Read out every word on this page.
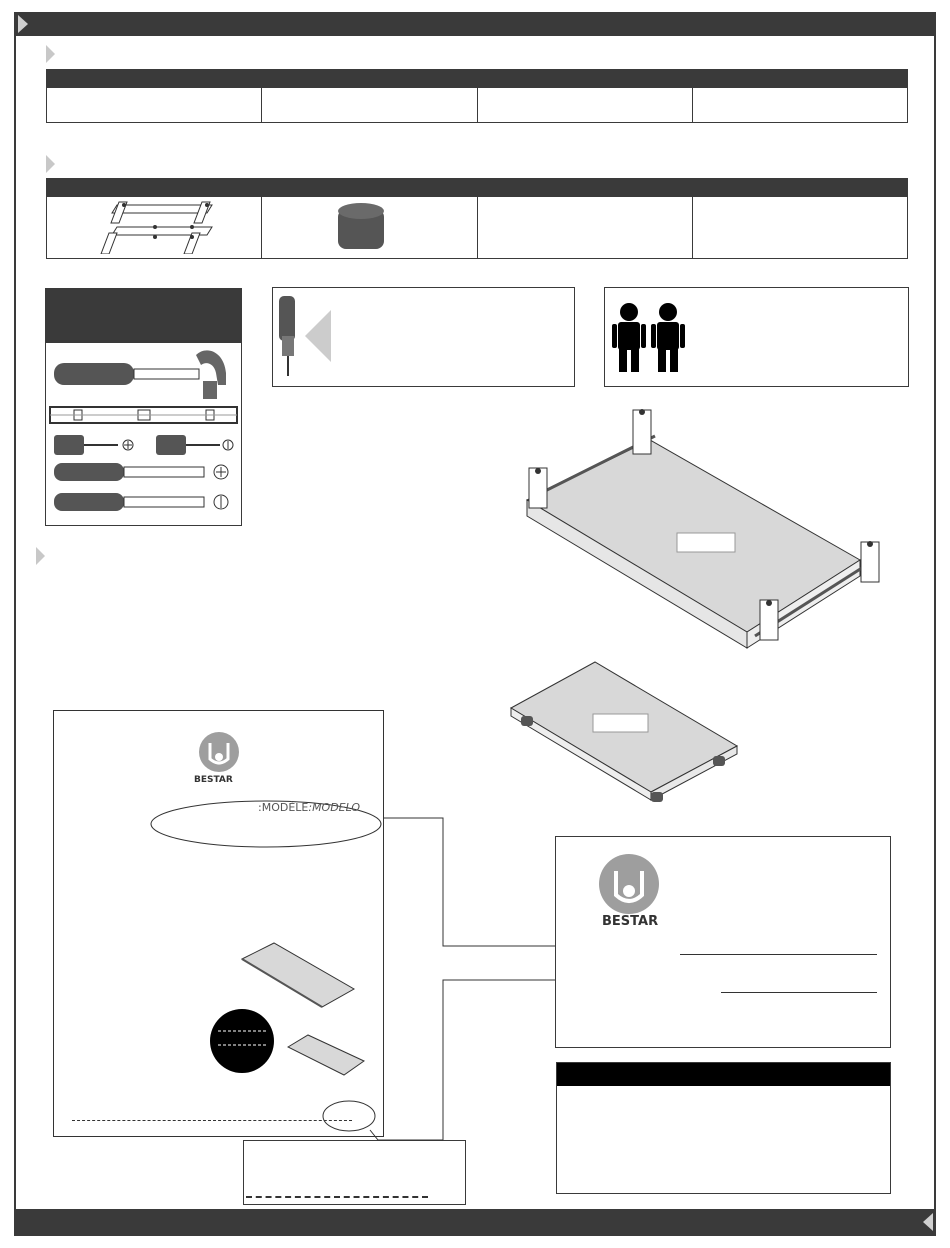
BESTAR
:MODÈLE:MODELO
BESTAR
